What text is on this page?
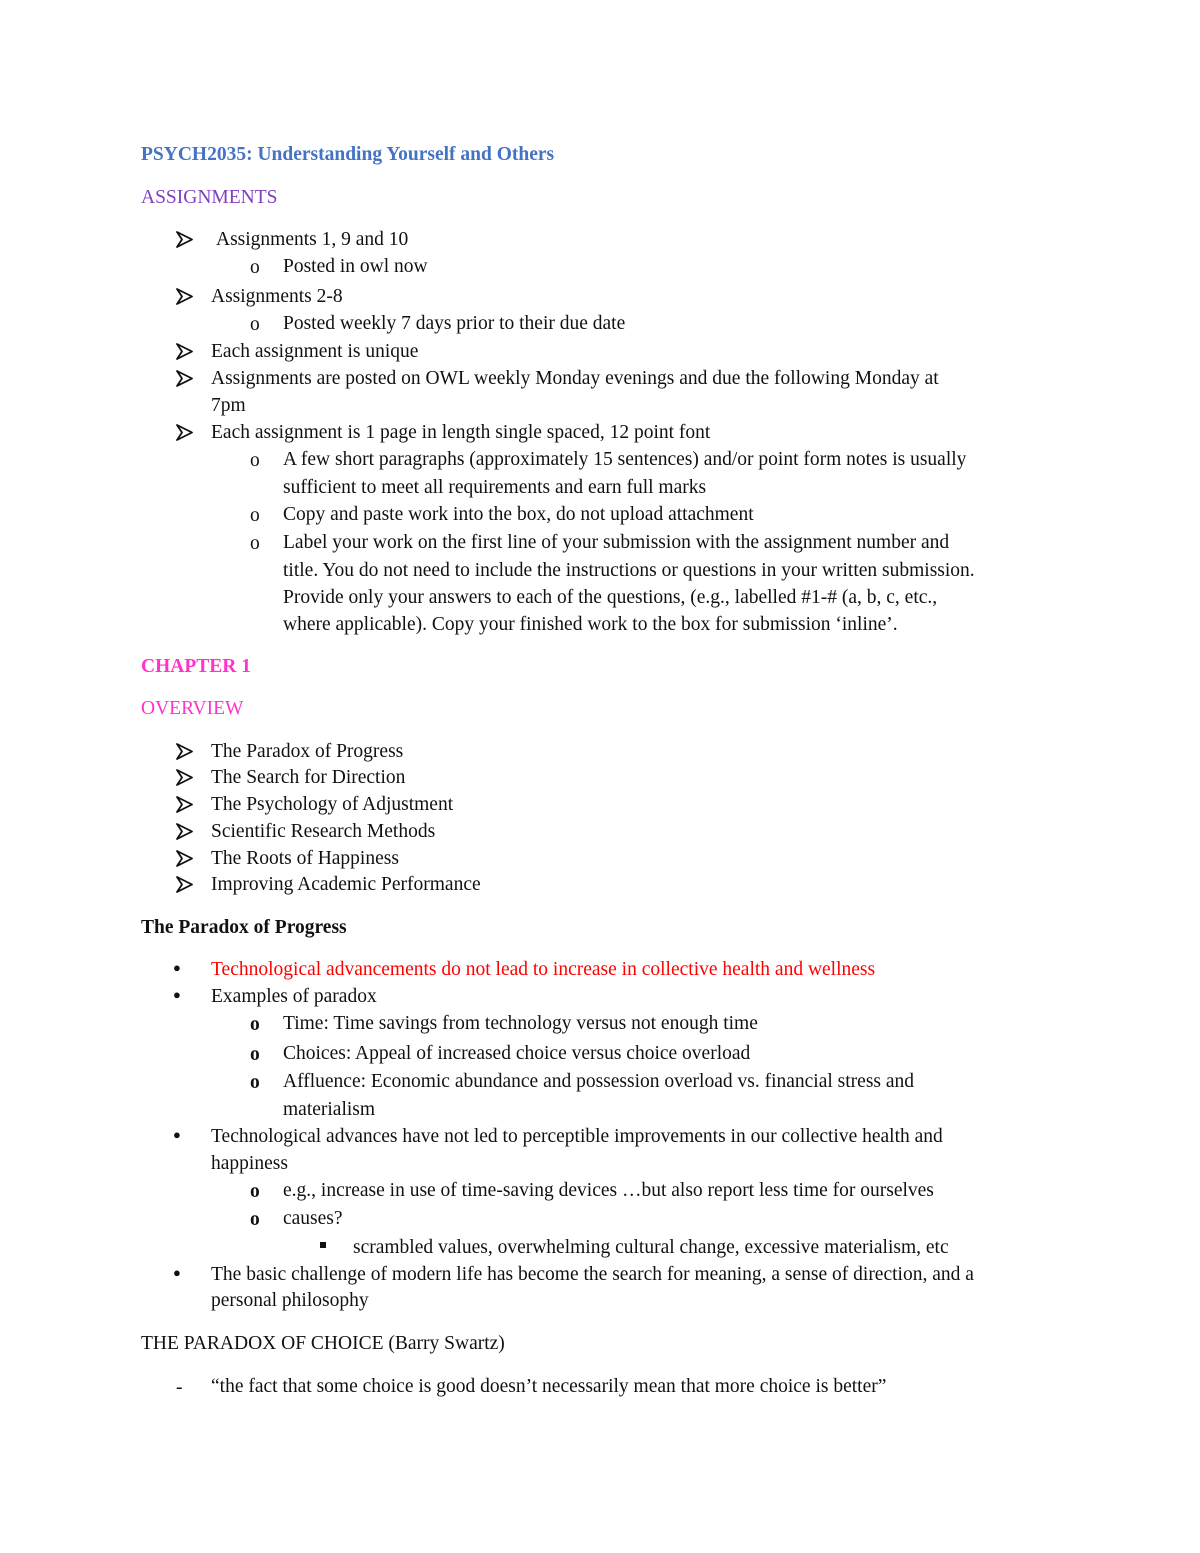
PSYCH2035: Understanding Yourself and Others
ASSIGNMENTS
Assignments 1, 9 and 10
o Posted in owl now
Assignments 2-8
o Posted weekly 7 days prior to their due date
Each assignment is unique
Assignments are posted on OWL weekly Monday evenings and due the following Monday at
7pm
Each assignment is 1 page in length single spaced, 12 point font
o A few short paragraphs (approximately 15 sentences) and/or point form notes is usually
sufficient to meet all requirements and earn full marks
o Copy and paste work into the box, do not upload attachment
o Label your work on the first line of your submission with the assignment number and
title. You do not need to include the instructions or questions in your written submission.
Provide only your answers to each of the questions, (e.g., labelled #1-# (a, b, c, etc.,
where applicable). Copy your finished work to the box for submission ‘inline’.
CHAPTER 1
OVERVIEW
The Paradox of Progress
The Search for Direction
The Psychology of Adjustment
Scientific Research Methods
The Roots of Happiness
Improving Academic Performance
The Paradox of Progress
● Technological advancements do not lead to increase in collective health and wellness
● Examples of paradox
o Time: Time savings from technology versus not enough time
o Choices: Appeal of increased choice versus choice overload
o Affluence: Economic abundance and possession overload vs. financial stress and
materialism
● Technological advances have not led to perceptible improvements in our collective health and
happiness
o e.g., increase in use of time-saving devices …but also report less time for ourselves
o causes?
scrambled values, overwhelming cultural change, excessive materialism, etc
● The basic challenge of modern life has become the search for meaning, a sense of direction, and a
personal philosophy
THE PARADOX OF CHOICE (Barry Swartz)
- “the fact that some choice is good doesn’t necessarily mean that more choice is better”
